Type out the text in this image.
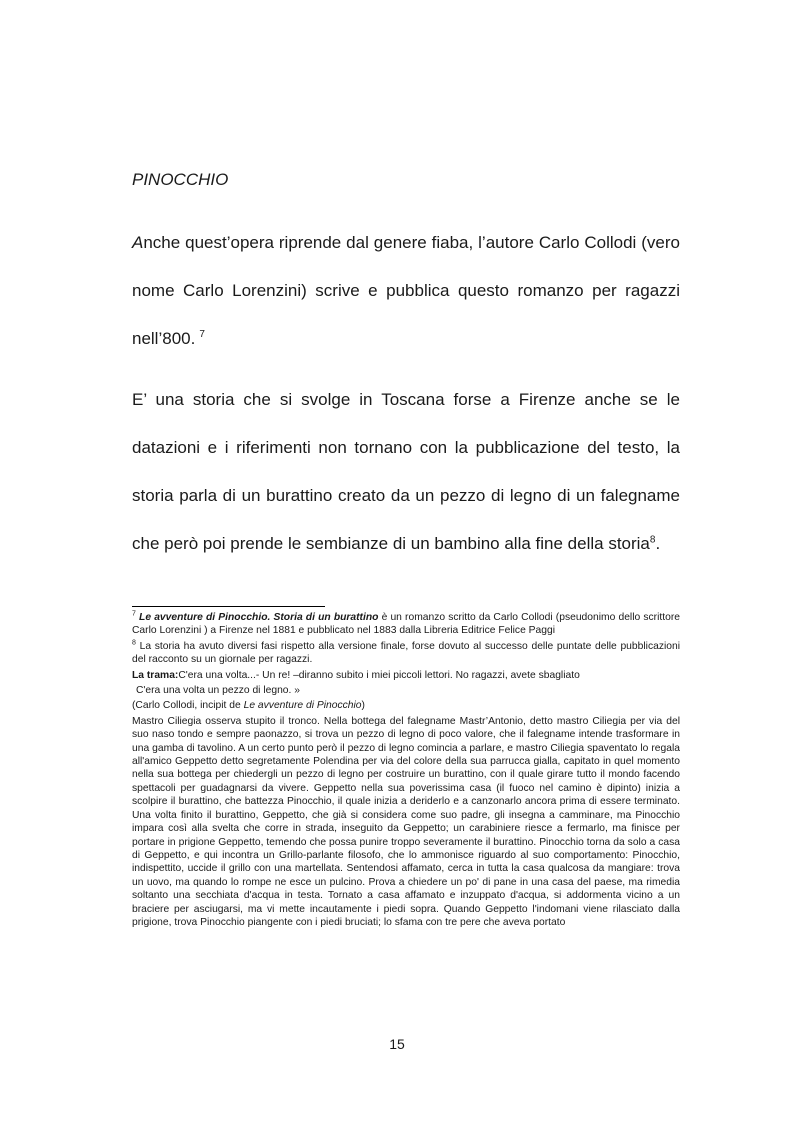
PINOCCHIO

Anche quest’opera riprende dal genere fiaba, l’autore Carlo Collodi (vero nome Carlo Lorenzini) scrive e pubblica questo romanzo per ragazzi nell’800. $^7$

E’ una storia che si svolge in Toscana forse a Firenze anche se le datazioni e i riferimenti non tornano con la pubblicazione del testo, la storia parla di un burattino creato da un pezzo di legno di un falegname che però poi prende le sembianze di un bambino alla fine della storia$^8$.

$^7$ Le avventure di Pinocchio. Storia di un burattino è un romanzo scritto da Carlo Collodi (pseudonimo dello scrittore Carlo Lorenzini ) a Firenze nel 1881 e pubblicato nel 1883 dalla Libreria Editrice Felice Paggi

$^8$ La storia ha avuto diversi fasi rispetto alla versione finale, forse dovuto al successo delle puntate delle pubblicazioni del racconto su un giornale per ragazzi.

La trama:C'era una volta...- Un re! –diranno subito i miei piccoli lettori. No ragazzi, avete sbagliato

C'era una volta un pezzo di legno. »

(Carlo Collodi, incipit de Le avventure di Pinocchio)

Mastro Ciliegia osserva stupito il tronco. Nella bottega del falegname Mastr’Antonio, detto mastro Ciliegia per via del suo naso tondo e sempre paonazzo, si trova un pezzo di legno di poco valore, che il falegname intende trasformare in una gamba di tavolino. A un certo punto però il pezzo di legno comincia a parlare, e mastro Ciliegia spaventato lo regala all'amico Geppetto detto segretamente Polendina per via del colore della sua parrucca gialla, capitato in quel momento nella sua bottega per chiedergli un pezzo di legno per costruire un burattino, con il quale girare tutto il mondo facendo spettacoli per guadagnarsi da vivere. Geppetto nella sua poverissima casa (il fuoco nel camino è dipinto) inizia a scolpire il burattino, che battezza Pinocchio, il quale inizia a deriderlo e a canzonarlo ancora prima di essere terminato. Una volta finito il burattino, Geppetto, che già si considera come suo padre, gli insegna a camminare, ma Pinocchio impara così alla svelta che corre in strada, inseguito da Geppetto; un carabiniere riesce a fermarlo, ma finisce per portare in prigione Geppetto, temendo che possa punire troppo severamente il burattino. Pinocchio torna da solo a casa di Geppetto, e qui incontra un Grillo-parlante filosofo, che lo ammonisce riguardo al suo comportamento: Pinocchio, indispettito, uccide il grillo con una martellata. Sentendosi affamato, cerca in tutta la casa qualcosa da mangiare: trova un uovo, ma quando lo rompe ne esce un pulcino. Prova a chiedere un po' di pane in una casa del paese, ma rimedia soltanto una secchiata d'acqua in testa. Tornato a casa affamato e inzuppato d'acqua, si addormenta vicino a un braciere per asciugarsi, ma vi mette incautamente i piedi sopra. Quando Geppetto l'indomani viene rilasciato dalla prigione, trova Pinocchio piangente con i piedi bruciati; lo sfama con tre pere che aveva portato

15
